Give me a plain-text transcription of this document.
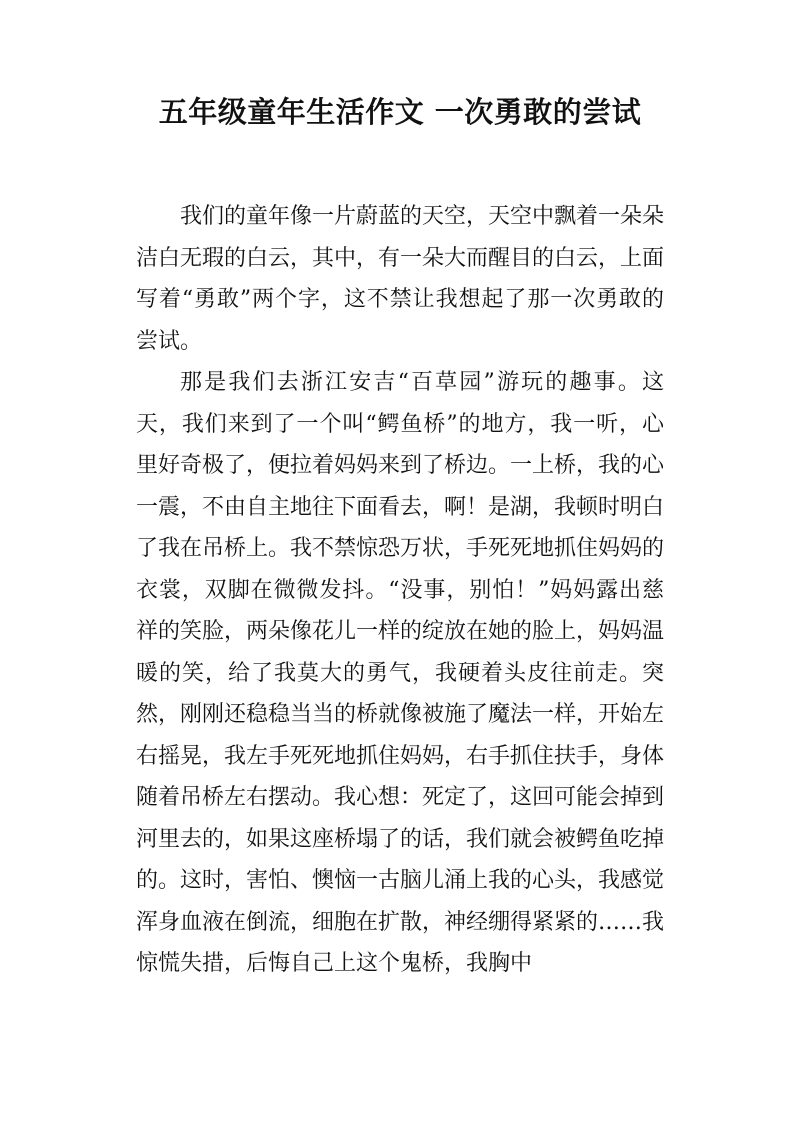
五年级童年生活作文 一次勇敢的尝试

我们的童年像一片蔚蓝的天空，天空中飘着一朵朵洁白无瑕的白云，其中，有一朵大而醒目的白云，上面写着“勇敢”两个字，这不禁让我想起了那一次勇敢的尝试。

那是我们去浙江安吉“百草园”游玩的趣事。这天，我们来到了一个叫“鳄鱼桥”的地方，我一听，心里好奇极了，便拉着妈妈来到了桥边。一上桥，我的心一震，不由自主地往下面看去，啊！是湖，我顿时明白了我在吊桥上。我不禁惊恐万状，手死死地抓住妈妈的衣裳，双脚在微微发抖。“没事，别怕！”妈妈露出慈祥的笑脸，两朵像花儿一样的绽放在她的脸上，妈妈温暖的笑，给了我莫大的勇气，我硬着头皮往前走。突然，刚刚还稳稳当当的桥就像被施了魔法一样，开始左右摇晃，我左手死死地抓住妈妈，右手抓住扶手，身体随着吊桥左右摆动。我心想：死定了，这回可能会掉到河里去的，如果这座桥塌了的话，我们就会被鳄鱼吃掉的。这时，害怕、懊恼一古脑儿涌上我的心头，我感觉浑身血液在倒流，细胞在扩散，神经绷得紧紧的……我惊慌失措，后悔自己上这个鬼桥，我胸中
